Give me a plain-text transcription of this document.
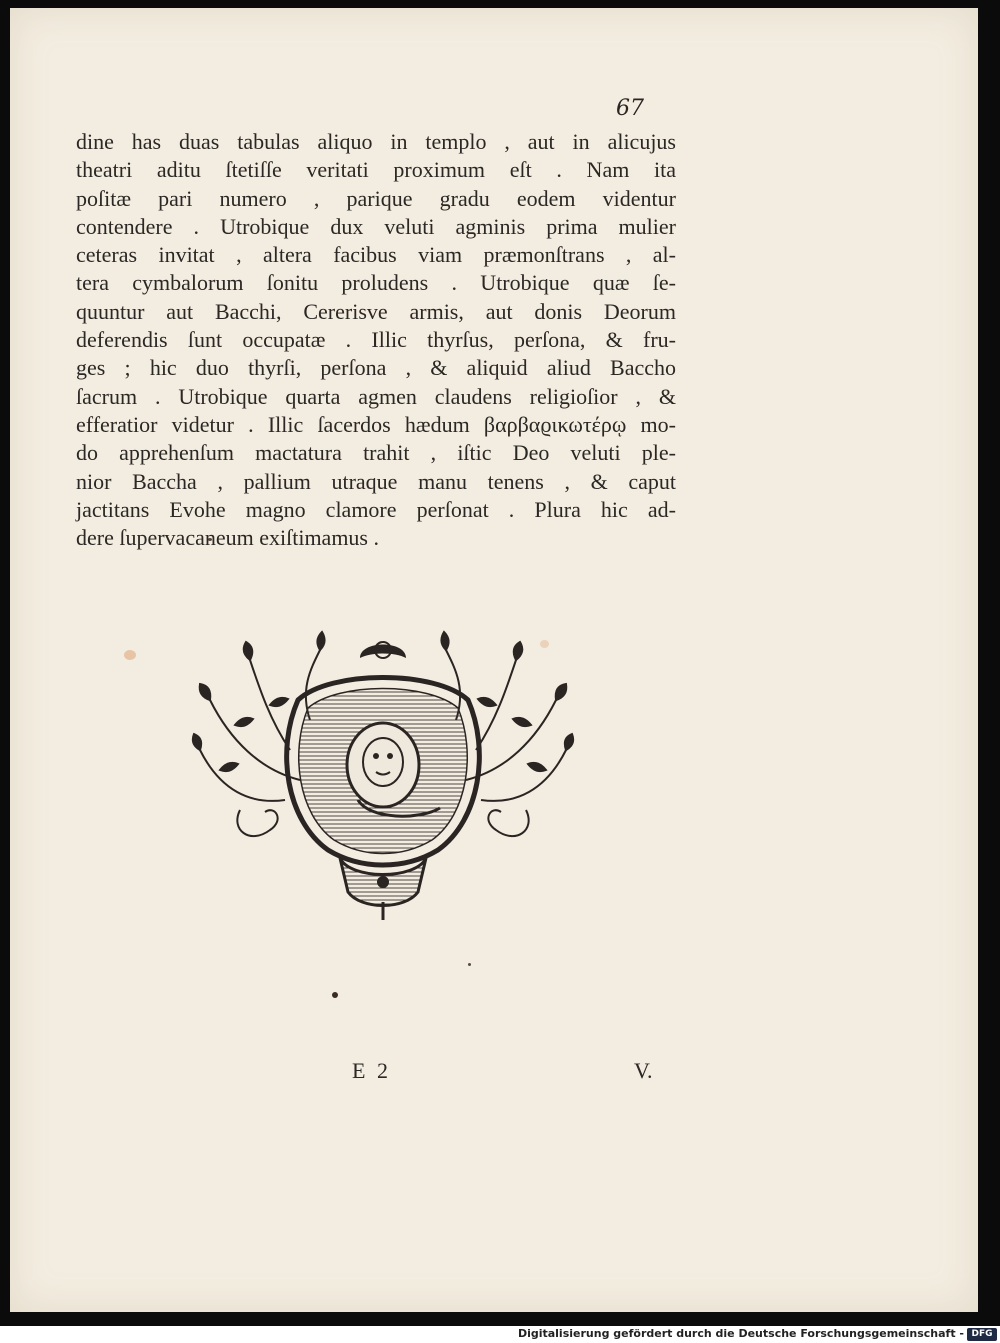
67
dine has duas tabulas aliquo in templo , aut in alicujus
theatri aditu ſtetiſſe veritati proximum eſt . Nam ita
poſitæ pari numero , parique gradu eodem videntur
contendere . Utrobique dux veluti agminis prima mulier
ceteras invitat , altera facibus viam præmonſtrans , al-
tera cymbalorum ſonitu proludens . Utrobique quæ ſe-
quuntur aut Bacchi, Cererisve armis, aut donis Deorum
deferendis ſunt occupatæ . Illic thyrſus, perſona, & fru-
ges ; hic duo thyrſi, perſona , & aliquid aliud Baccho
ſacrum . Utrobique quarta agmen claudens religioſior , &
efferatior videtur . Illic ſacerdos hædum βαρβαϱικωτέρῳ mo-
do apprehenſum mactatura trahit , iſtic Deo veluti ple-
nior Baccha , pallium utraque manu tenens , & caput
jactitans Evohe magno clamore perſonat . Plura hic ad-
dere ſupervacaneum exiſtimamus .
E 2	V.
Digitalisierung gefördert durch die Deutsche Forschungsgemeinschaft - DFG
